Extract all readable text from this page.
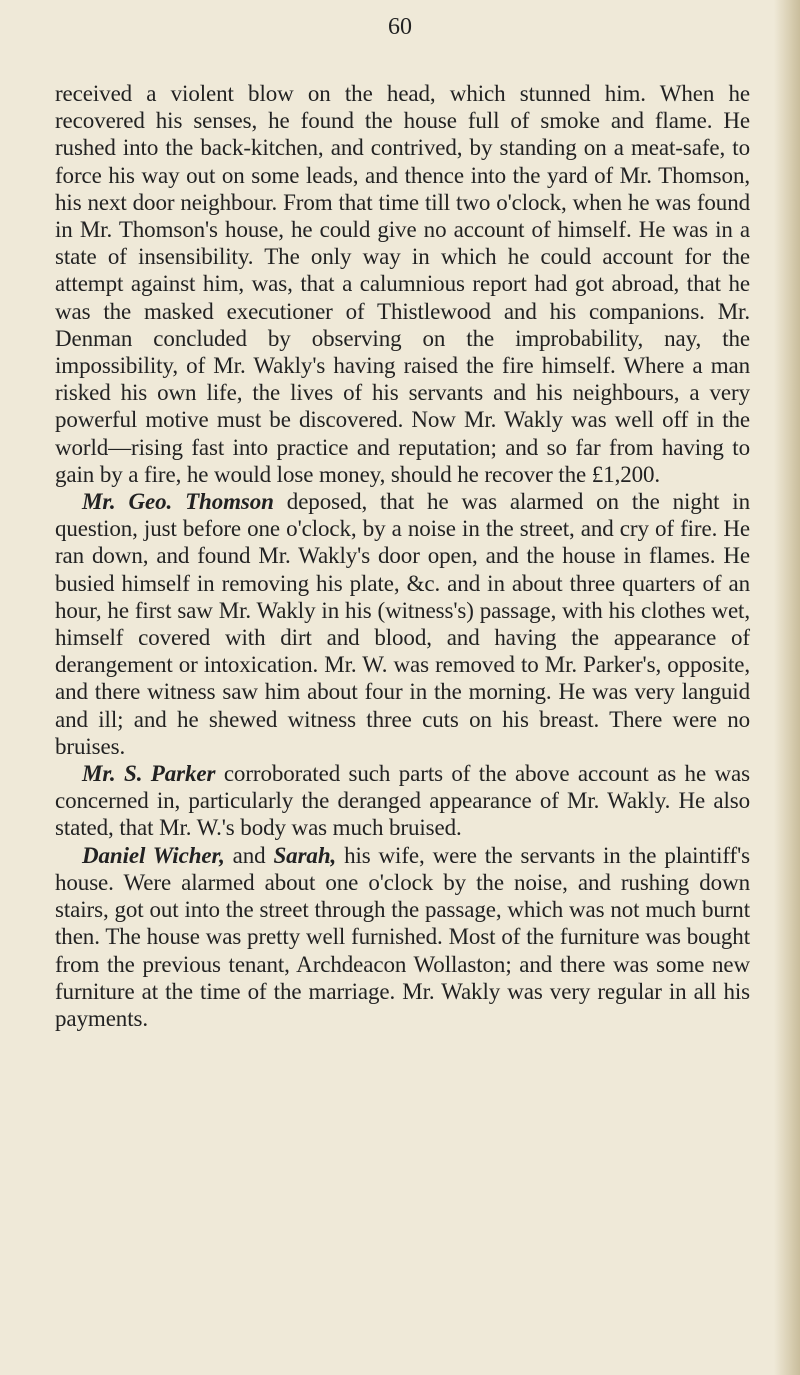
60

received a violent blow on the head, which stunned him. When he recovered his senses, he found the house full of smoke and flame. He rushed into the back-kitchen, and contrived, by standing on a meat-safe, to force his way out on some leads, and thence into the yard of Mr. Thomson, his next door neighbour. From that time till two o'clock, when he was found in Mr. Thomson's house, he could give no account of himself. He was in a state of insensibility. The only way in which he could account for the attempt against him, was, that a calumnious report had got abroad, that he was the masked executioner of Thistlewood and his companions. Mr. Denman concluded by observing on the improbability, nay, the impossibility, of Mr. Wakly's having raised the fire himself. Where a man risked his own life, the lives of his servants and his neighbours, a very powerful motive must be discovered. Now Mr. Wakly was well off in the world—rising fast into practice and reputation; and so far from having to gain by a fire, he would lose money, should he recover the £1,200.

Mr. Geo. Thomson deposed, that he was alarmed on the night in question, just before one o'clock, by a noise in the street, and cry of fire. He ran down, and found Mr. Wakly's door open, and the house in flames. He busied himself in removing his plate, &c. and in about three quarters of an hour, he first saw Mr. Wakly in his (witness's) passage, with his clothes wet, himself covered with dirt and blood, and having the appearance of derangement or intoxication. Mr. W. was removed to Mr. Parker's, opposite, and there witness saw him about four in the morning. He was very languid and ill; and he shewed witness three cuts on his breast. There were no bruises.

Mr. S. Parker corroborated such parts of the above account as he was concerned in, particularly the deranged appearance of Mr. Wakly. He also stated, that Mr. W.'s body was much bruised.

Daniel Wicher, and Sarah, his wife, were the servants in the plaintiff's house. Were alarmed about one o'clock by the noise, and rushing down stairs, got out into the street through the passage, which was not much burnt then. The house was pretty well furnished. Most of the furniture was bought from the previous tenant, Archdeacon Wollaston; and there was some new furniture at the time of the marriage. Mr. Wakly was very regular in all his payments.
